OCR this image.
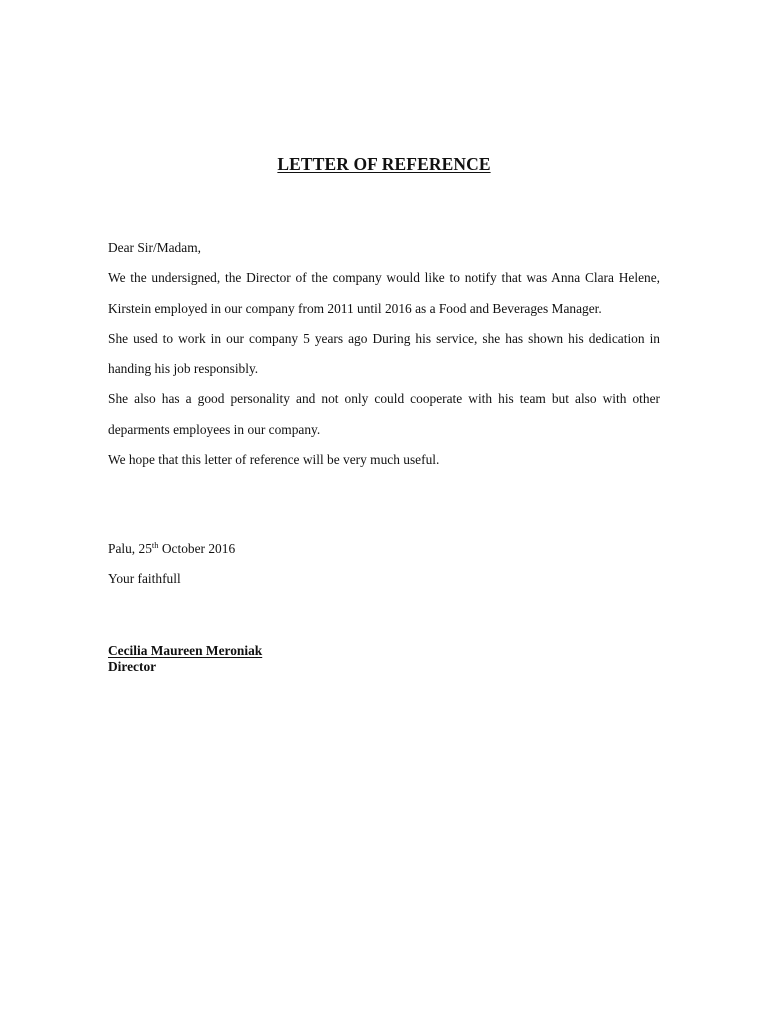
LETTER OF REFERENCE

Dear Sir/Madam,

We the undersigned, the Director of the company would like to notify that was Anna Clara Helene, Kirstein employed in our company from 2011 until 2016 as a Food and Beverages Manager.

She used to work in our company 5 years ago During his service, she has shown his dedication in handing his job responsibly.

She also has a good personality and not only could cooperate with his team but also with other deparments employees in our company.

We hope that this letter of reference will be very much useful.

Palu, 25th October 2016

Your faithfull

Cecilia Maureen Meroniak
Director
